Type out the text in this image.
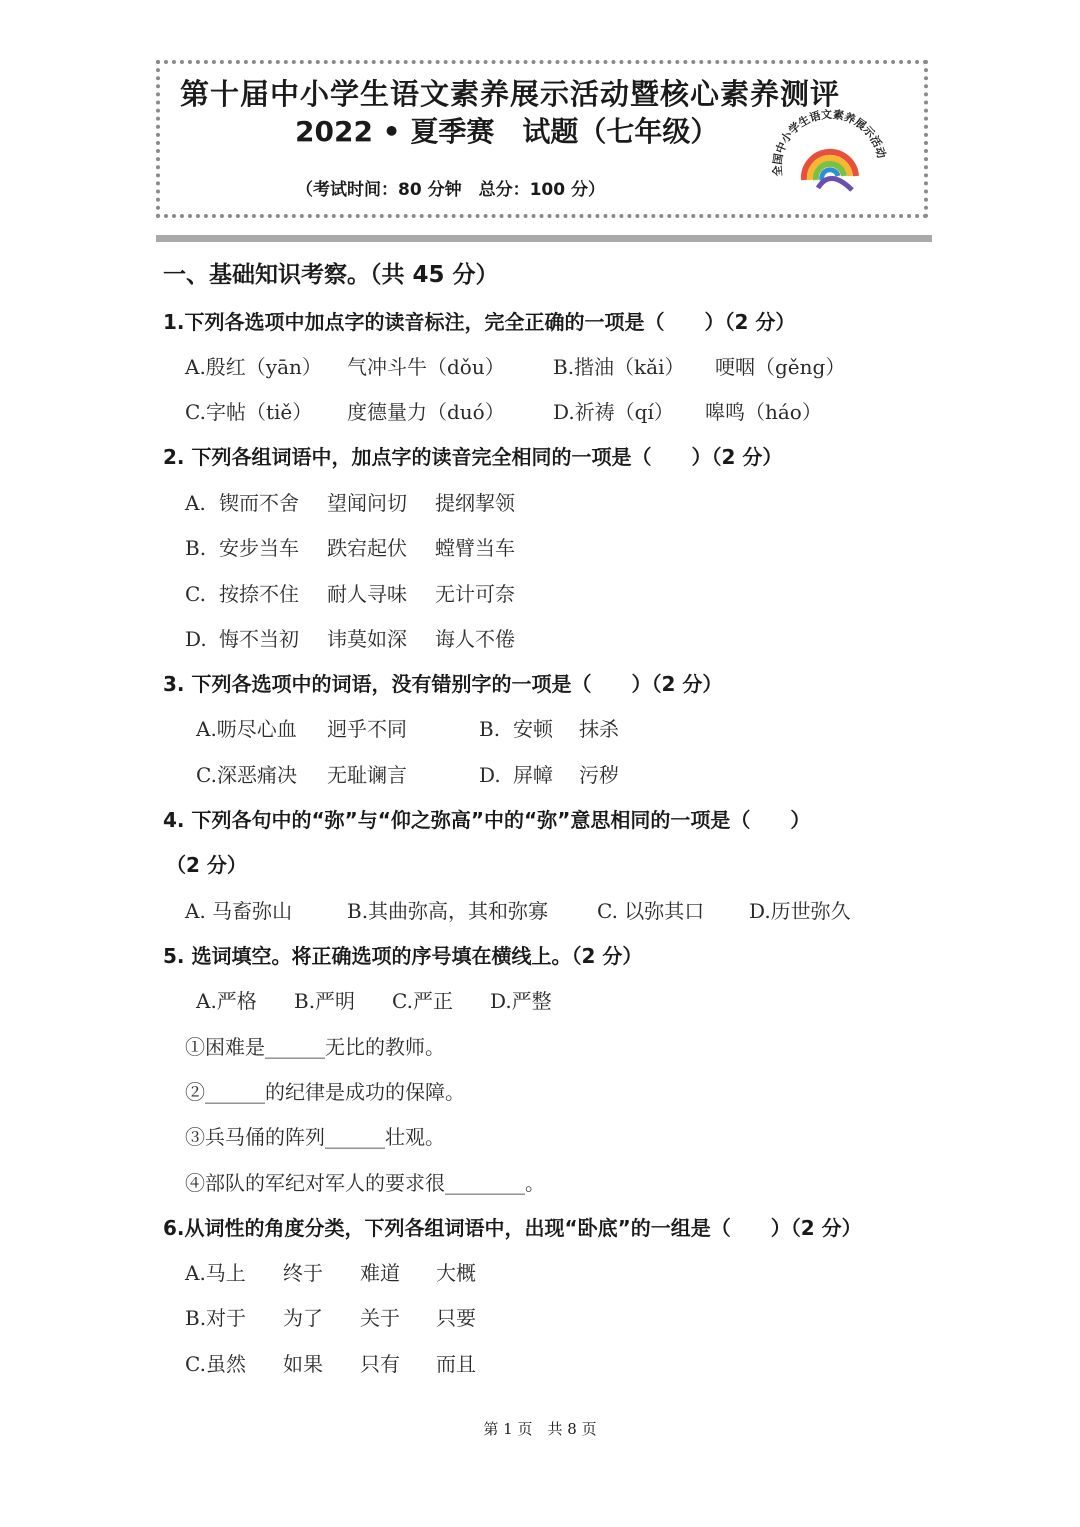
第十届中小学生语文素养展示活动暨核心素养测评
2022 • 夏季赛　试题（七年级）
（考试时间：80 分钟　总分：100 分）
全国中小学生语文素养展示活动
一、基础知识考察。（共 45 分）
1.下列各选项中加点字的读音标注，完全正确的一项是（　　）（2 分）
A.殷红（yān） 气冲斗牛（dǒu） B.揩油（kǎi） 哽咽（gěng）
C.字帖（tiě） 度德量力（duó） D.祈祷（qí） 嗥鸣（háo）
2. 下列各组词语中，加点字的读音完全相同的一项是（　　）（2 分）
A. 锲而不舍 望闻问切 提纲挈领
B. 安步当车 跌宕起伏 螳臂当车
C. 按捺不住 耐人寻味 无计可奈
D. 悔不当初 讳莫如深 诲人不倦
3. 下列各选项中的词语，没有错别字的一项是（　　）（2 分）
A.呖尽心血 迥乎不同	B. 安顿 抹杀
C.深恶痛决 无耻谰言	D. 屏幛 污秽
4. 下列各句中的“弥”与“仰之弥高”中的“弥”意思相同的一项是（　　）
（2 分）
A. 马畜弥山	B.其曲弥高，其和弥寡 C. 以弥其口 D.历世弥久
5. 选词填空。将正确选项的序号填在横线上。（2 分）
A.严格 B.严明 C.严正 D.严整
①困难是______无比的教师。
②______的纪律是成功的保障。
③兵马俑的阵列______壮观。
④部队的军纪对军人的要求很________。
6.从词性的角度分类，下列各组词语中，出现“卧底”的一组是（　　）（2 分）
A.马上 终于 难道 大概
B.对于 为了 关于 只要
C.虽然 如果 只有 而且
第 1 页　共 8 页
